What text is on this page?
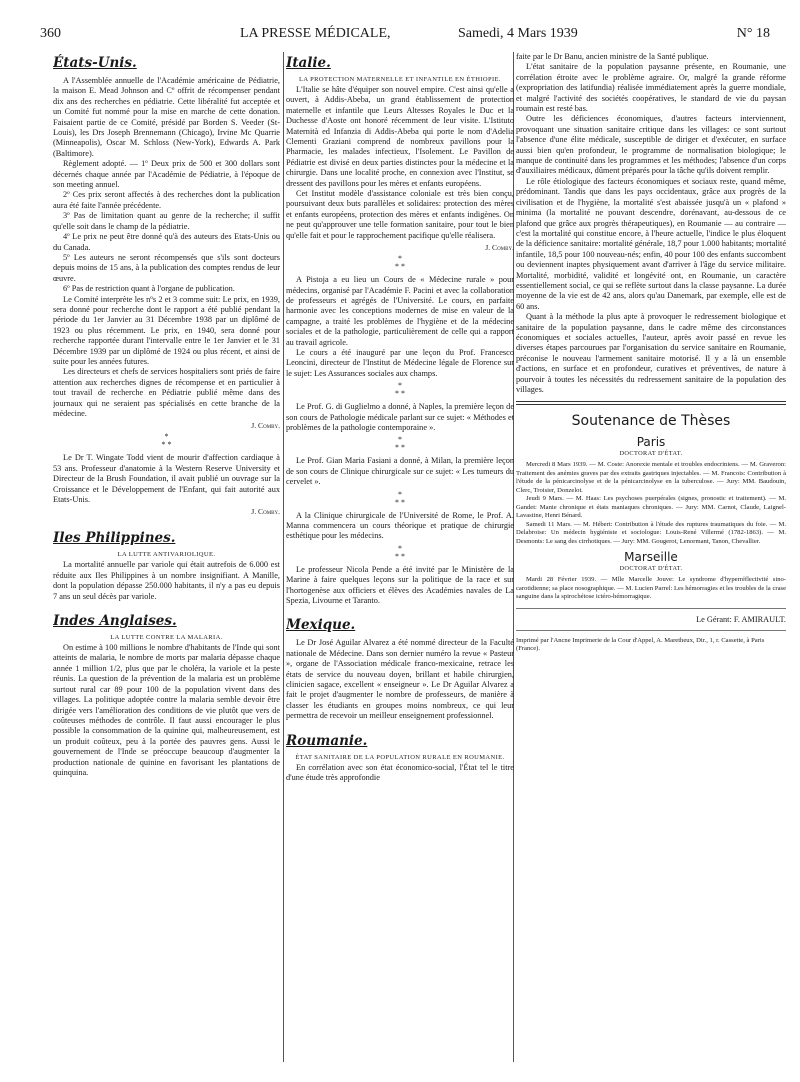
360	LA PRESSE MÉDICALE,	Samedi, 4 Mars 1939	N° 18
États-Unis.

A l'Assemblée annuelle de l'Académie américaine de Pédiatrie, la maison E. Mead Johnson and Cº offrit de récompenser pendant dix ans des recherches en pédiatrie. Cette libéralité fut acceptée et un Comité fut nommé pour la mise en marche de cette donation. Faisaient partie de ce Comité, présidé par Borden S. Veeder (St-Louis), les Drs Joseph Brennemann (Chicago), Irvine Mc Quarrie (Minneapolis), Oscar M. Schloss (New-York), Edwards A. Park (Baltimore).

Règlement adopté. — 1º Deux prix de 500 et 300 dollars sont décernés chaque année par l'Académie de Pédiatrie, à l'époque de son meeting annuel.

2º Ces prix seront affectés à des recherches dont la publication aura été faite l'année précédente.

3º Pas de limitation quant au genre de la recherche; il suffit qu'elle soit dans le champ de la pédiatrie.

4º Le prix ne peut être donné qu'à des auteurs des Etats-Unis ou du Canada.

5º Les auteurs ne seront récompensés que s'ils sont docteurs depuis moins de 15 ans, à la publication des comptes rendus de leur œuvre.

6º Pas de restriction quant à l'organe de publication.

Le Comité interprète les nºs 2 et 3 comme suit: Le prix, en 1939, sera donné pour recherche dont le rapport a été publié pendant la période du 1er Janvier au 31 Décembre 1938 par un diplômé de 1923 ou plus récemment. Le prix, en 1940, sera donné pour recherche rapportée durant l'intervalle entre le 1er Janvier et le 31 Décembre 1939 par un diplômé de 1924 ou plus récent, et ainsi de suite pour les années futures.

Les directeurs et chefs de services hospitaliers sont priés de faire attention aux recherches dignes de récompense et en particulier à tout travail de recherche en Pédiatrie publié même dans des journaux qui ne seraient pas spécialisés en cette branche de la médecine.

J. Comby.
*
* *

Le Dr T. Wingate Todd vient de mourir d'affection cardiaque à 53 ans. Professeur d'anatomie à la Western Reserve University et Directeur de la Brush Foundation, il avait publié un ouvrage sur la Croissance et le Développement de l'Enfant, qui fait autorité aux Etats-Unis.

J. Comby.
Iles Philippines.
LA LUTTE ANTIVARIOLIQUE.

La mortalité annuelle par variole qui était autrefois de 6.000 est réduite aux Iles Philippines à un nombre insignifiant. A Manille, dont la population dépasse 250.000 habitants, il n'y a pas eu depuis 7 ans un seul décès par variole.

Indes Anglaises.
LA LUTTE CONTRE LA MALARIA.

On estime à 100 millions le nombre d'habitants de l'Inde qui sont atteints de malaria, le nombre de morts par malaria dépasse chaque année 1 million 1/2, plus que par le choléra, la variole et la peste réunis. La question de la prévention de la malaria est un problème surtout rural car 89 pour 100 de la population vivent dans des villages. La politique adoptée contre la malaria semble devoir être dirigée vers l'amélioration des conditions de vie plutôt que vers de coûteuses méthodes de contrôle. Il faut aussi encourager le plus possible la consommation de la quinine qui, malheureusement, est un produit coûteux, peu à la portée des pauvres gens. Aussi le gouvernement de l'Inde se préoccupe beaucoup d'augmenter la production nationale de quinine en favorisant les plantations de quinquina.

Italie.
LA PROTECTION MATERNELLE ET INFANTILE EN ÉTHIOPIE.

L'Italie se hâte d'équiper son nouvel empire. C'est ainsi qu'elle a ouvert, à Addis-Abeba, un grand établissement de protection maternelle et infantile que Leurs Altesses Royales le Duc et la Duchesse d'Aoste ont honoré récemment de leur visite. L'Istituto Maternità ed Infanzia di Addis-Abeba qui porte le nom d'Adelia Clementi Graziani comprend de nombreux pavillons pour la Pharmacie, les malades infectieux, l'Isolement. Le Pavillon de Pédiatrie est divisé en deux parties distinctes pour la médecine et la chirurgie. Dans une localité proche, en connexion avec l'Institut, se dressent des pavillons pour les mères et enfants européens.

Cet Institut modèle d'assistance coloniale est très bien conçu, poursuivant deux buts parallèles et solidaires: protection des mères et enfants européens, protection des mères et enfants indigènes. On ne peut qu'approuver une telle formation sanitaire, pour tout le bien qu'elle fait et pour le rapprochement pacifique qu'elle réalisera.

J. Comby.
*
* *

A Pistoja a eu lieu un Cours de « Médecine rurale » pour médecins, organisé par l'Académie F. Pacini et avec la collaboration de professeurs et agrégés de l'Université. Le cours, en parfaite harmonie avec les conceptions modernes de mise en valeur de la campagne, a traité les problèmes de l'hygiène et de la médecine sociales et de la pathologie, particulièrement de celle qui a rapport au travail agricole.

Le cours a été inauguré par une leçon du Prof. Francesco Leoncini, directeur de l'Institut de Médecine légale de Florence sur le sujet: Les Assurances sociales aux champs.

*
* *

Le Prof. G. di Guglielmo a donné, à Naples, la première leçon de son cours de Pathologie médicale parlant sur ce sujet: « Méthodes et problèmes de la pathologie contemporaine ».

*
* *

Le Prof. Gian Maria Fasiani a donné, à Milan, la première leçon de son cours de Clinique chirurgicale sur ce sujet: « Les tumeurs du cervelet ».

*
* *

A la Clinique chirurgicale de l'Université de Rome, le Prof. A. Manna commencera un cours théorique et pratique de chirurgie esthétique pour les médecins.

*
* *

Le professeur Nicola Pende a été invité par le Ministère de la Marine à faire quelques leçons sur la politique de la race et sur l'hortogenèse aux officiers et élèves des Académies navales de La Spezia, Livourne et Taranto.

Mexique.

Le Dr José Aguilar Alvarez a été nommé directeur de la Faculté nationale de Médecine. Dans son dernier numéro la revue « Pasteur », organe de l'Association médicale franco-mexicaine, retrace les états de service du nouveau doyen, brillant et habile chirurgien, clinicien sagace, excellent « enseigneur ». Le Dr Aguilar Alvarez a fait le projet d'augmenter le nombre de professeurs, de manière à classer les étudiants en groupes moins nombreux, ce qui leur permettra de recevoir un meilleur enseignement professionnel.

Roumanie.
ÉTAT SANITAIRE DE LA POPULATION RURALE EN ROUMANIE.

En corrélation avec son état économico-social, l'État tel le titre d'une étude très approfondie

faite par le Dr Banu, ancien ministre de la Santé publique.

L'état sanitaire de la population paysanne présente, en Roumanie, une corrélation étroite avec le problème agraire. Or, malgré la grande réforme (expropriation des latifundia) réalisée immédiatement après la guerre mondiale, et malgré l'activité des sociétés coopératives, le standard de vie du paysan roumain est resté bas.

Outre les déficiences économiques, d'autres facteurs interviennent, provoquant une situation sanitaire critique dans les villages: ce sont surtout l'absence d'une élite médicale, susceptible de diriger et d'exécuter, en surface aussi bien qu'en profondeur, le programme de normalisation biologique; le manque de continuité dans les programmes et les méthodes; l'absence d'un corps d'auxiliaires médicaux, dûment préparés pour la tâche qu'ils doivent remplir.

Le rôle étiologique des facteurs économiques et sociaux reste, quand même, prédominant. Tandis que dans les pays occidentaux, grâce aux progrès de la civilisation et de l'hygiène, la mortalité s'est abaissée jusqu'à un « plafond » minima (la mortalité ne pouvant descendre, dorénavant, au-dessous de ce plafond que grâce aux progrès thérapeutiques), en Roumanie — au contraire — c'est la mortalité qui constitue encore, à l'heure actuelle, l'indice le plus éloquent de la déficience sanitaire: mortalité générale, 18,7 pour 1.000 habitants; mortalité infantile, 18,5 pour 100 nouveau-nés; enfin, 40 pour 100 des enfants succombent ou deviennent inaptes physiquement avant d'arriver à l'âge du service militaire. Mortalité, morbidité, validité et longévité ont, en Roumanie, un caractère essentiellement social, ce qui se reflète surtout dans la classe paysanne. La durée moyenne de la vie est de 42 ans, alors qu'au Danemark, par exemple, elle est de 60 ans.

Quant à la méthode la plus apte à provoquer le redressement biologique et sanitaire de la population paysanne, dans le cadre même des circonstances économiques et sociales actuelles, l'auteur, après avoir passé en revue les diverses étapes parcourues par l'organisation du service sanitaire en Roumanie, préconise le nouveau l'armement sanitaire motorisé. Il y a là un ensemble d'actions, en surface et en profondeur, curatives et préventives, de nature à pourvoir à toutes les nécessités du redressement sanitaire de la population des villages.

Soutenance de Thèses
Paris
DOCTORAT D'ÉTAT.

Mercredi 8 Mars 1939. — M. Coste: Anorexie mentale et troubles endocriniens. — M. Graveron: Traitement des anémies graves par des extraits gastriques injectables. — M. Francois: Contribution à l'étude de la pénicarcinolyse et de la pénicarcinolyse en la tuberculose. — Jury: MM. Baudouin, Clerc, Troisier, Donzelot.

Jeudi 9 Mars. — M. Haas: Les psychoses puerpérales (signes, pronostic et traitement). — M. Gandet: Manie chronique et états maniaques chroniques. — Jury: MM. Carnot, Claude, Laignel-Lavastine, Henri Bénard.

Samedi 11 Mars. — M. Hébert: Contribution à l'étude des ruptures traumatiques du foie. — M. Delabroise: Un médecin hygiéniste et sociologue: Louis-René Villermé (1782-1863). — M. Desmonts: Le sang des cirrhotiques. — Jury: MM. Gougerot, Lenormant, Tanon, Chevallier.

Marseille
DOCTORAT D'ÉTAT.

Mardi 28 Février 1939. — Mlle Marcelle Jouve: Le syndrome d'hyperréflectivité sino-carotidienne; sa place nosographique. — M. Lucien Parrel: Les hémorragies et les troubles de la crase sanguine dans la spirochétose ictéro-hémorragique.

Le Gérant: F. AMIRAULT.

Imprimé par l'Ancne Imprimerie de la Cour d'Appel, A. Maretheux, Dir., 1, r. Cassette, à Paris (France).
